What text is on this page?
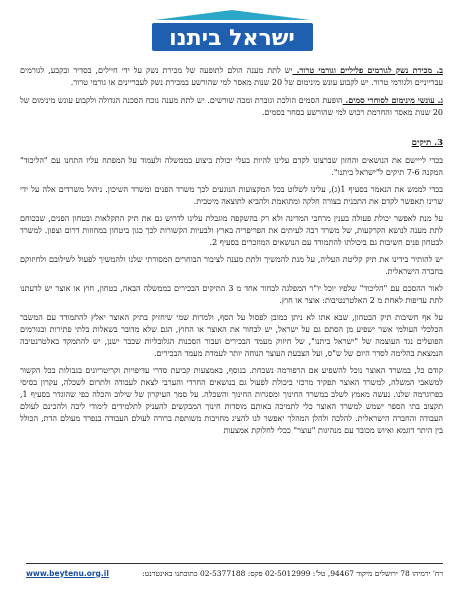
ישראל ביתנו

ב. מכירת נשק לגורמים פליליים וגורמי טרור. יש לתת מענה הולם לתופעה של מכירת נשק על ידי חיילים, בסדיר ובקבע, לגורמים עברייניים ולגורמי טרור. יש לקבוע עונש מינימום של 20 שנות מאסר למי שהורשע במכירת נשק לעבריינים או גורמי טרור.

ג. עונשי מינימום לסוחרי סמים. הופעת הסמים הולכת וגוברת ומכה שורשים. יש לתת מענה נוכח הסכנה הגדולה ולקבוע עונש מינימום של 20 שנות מאסר והחרמת רכוש למי שהורשע בסחר בסמים.

3. תיקים

בכדי לייישם את הנושאים והחזון שברצונו לקדם עלינו להיות בעלי יכולת ביצוע בממשלה ולעמוד על המפתח עליו התחנו עם "הליכוד" המקנה 7-6 תיקים ל"ישראל ביתנו".

בכדי לממש את הנאמר בסעיף 1(ג), עלינו לשלוט בכל המקצועות הנוגעים לכך משרד הפנים ומשרד השיכון. ניהול משרדים אלה על ידי שרינו תאפשר לקדם את התכנית בצורה חלקה ומתואמת ולהביא לתוצאה מיטבית.

על מנת לאפשר יכולת פעולה בענין מרחבי המדינה ולא רק בהשקפה מוגבלת עלינו לדרוש גם את תיק התקלאות ובטחון הפנים, שבכוחם לתת מענה לנושא הקרקעות, של משרד רבה לעיתים את הפריפריה בארץ ולבעיות הקשורות לכך כגון ביטחון במחוזות דרום וצפון. למשרד לבטחון פנים חשיבות גם ביכולתו להתמודד עם הנושאים המוזכרים בסעיף 2.

יש להותיר בידינו את תיק קליטת העליה, על מנת להמשיך ולתת מענה לציבור הבוחרים המסורתי שלנו ולהמשיך לפעול לשילובם ולחיזוקם בחברה הישראלית.

לאור ההסכם עם "הליכוד" שלפיו יוכל יו"ר המפלגה לבחור אחד מ 3 התיקים הבכירים בממשלה הבאה, בטחון, חוץ או אוצר יש לדעתנו לתת עדיפות לאחת מ 2 האלטרנטיבות: אוצר או חוץ.

על אף חשיבות תיק הבטחון, שבא אתו לא ניתן כמובן לפסול על הסף, ולמרות שמי שיחזיק בתיק האוצר יאלץ להתמודד עם המשבר הכלכלי העולמי אשר ישפיע מן הסתם גם על ישראל, יש לבחור את האוצר או החוץ, הגם שלא מדובר בשאלות בלתי פתירות ובגורמים הפועלים נגד העוצמה של "ישראל ביתנו", של חיזוק מעמד הבכירים ועבור הסכנות הגלובליות שכבר ישנן, יש להתמקד באלטרנטיבה הנמצאת בהלימה לסדר היום של ש"ס, ועל הצבעת העוצר הנוחה יותר לעמדת מעמד הבכירים.

קודם כל, במשרד האוצר נוכל להשפיע אם הרפורמה נשכחת. בנוסף, באמצעות קביעת סדרי עדיפויות וקריטריונים בגבולות בכל הקשור למשאבי המשלה, למשרד האוצר תפקיד מרכזי ביכולת לפעול גם בנושאים החרדי והערבי לצאת לעבודה ולתרום לשכלה, עקרון בסיסי בפרוגרמה שלנו. נעשה מאמץ לשלב במשרד החינוך ומסגרות החינוך והשכלה. על סמך העיקרון של שילוב והכלה כפי שהוגדר בסעיף 1, תקצוב בתי הספר ישמש למשרד האוצר כלי לתמיכה באותם מוסדות חינוך המבקשים להעניק לתלמידים לימודי ליבה ולהכינם לעולם העבודה והחברה הישראלית. להלכה ולהלן המהלך יאפשר לנו להציג מחויבות משותפת ברורה לעולם העבודה בנפרד מעולם הדת, הכולל בין היתר דוגמא ואיוש מכובד עם מנהיגות "עוצר" ככלי לחלוקת אמצעות

www.beytenu.org.il	רח' ירמיהו 78 ירושלים מיקוד 94467, טל': 02-5012999 פקס: 02-5377188 כתובתנו באינטרנט:
